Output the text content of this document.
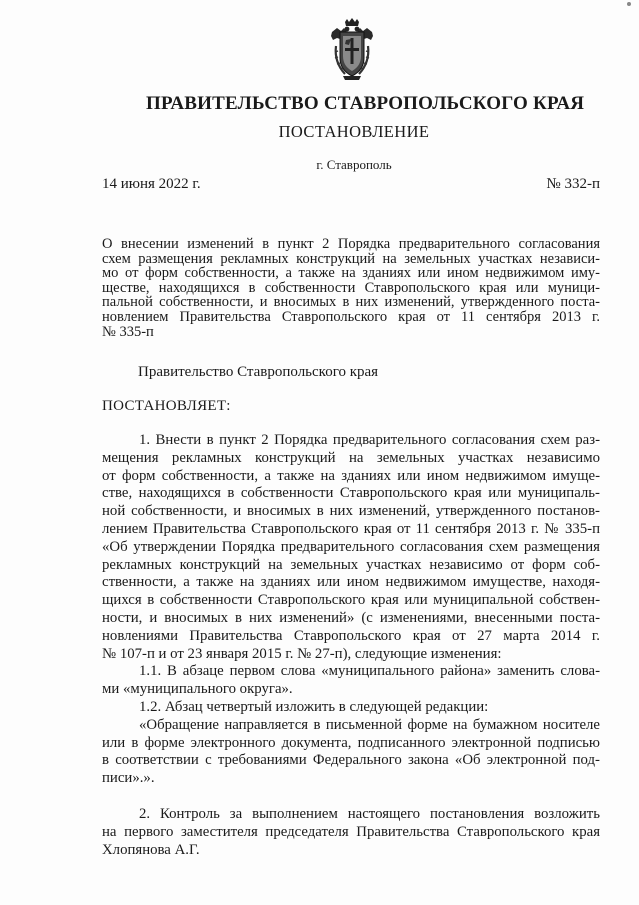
ПРАВИТЕЛЬСТВО СТАВРОПОЛЬСКОГО КРАЯ
ПОСТАНОВЛЕНИЕ
г. Ставрополь
14 июня 2022 г.	№ 332-п
О внесении изменений в пункт 2 Порядка предварительного согласования
схем размещения рекламных конструкций на земельных участках независи-
мо от форм собственности, а также на зданиях или ином недвижимом иму-
ществе, находящихся в собственности Ставропольского края или муници-
пальной собственности, и вносимых в них изменений, утвержденного поста-
новлением Правительства Ставропольского края от 11 сентября 2013 г.
№ 335-п
Правительство Ставропольского края
ПОСТАНОВЛЯЕТ:
1. Внести в пункт 2 Порядка предварительного согласования схем раз-
мещения рекламных конструкций на земельных участках независимо
от форм собственности, а также на зданиях или ином недвижимом имуще-
стве, находящихся в собственности Ставропольского края или муниципаль-
ной собственности, и вносимых в них изменений, утвержденного постанов-
лением Правительства Ставропольского края от 11 сентября 2013 г. № 335-п
«Об утверждении Порядка предварительного согласования схем размещения
рекламных конструкций на земельных участках независимо от форм соб-
ственности, а также на зданиях или ином недвижимом имуществе, находя-
щихся в собственности Ставропольского края или муниципальной собствен-
ности, и вносимых в них изменений» (с изменениями, внесенными поста-
новлениями Правительства Ставропольского края от 27 марта 2014 г.
№ 107-п и от 23 января 2015 г. № 27-п), следующие изменения:
1.1. В абзаце первом слова «муниципального района» заменить слова-
ми «муниципального округа».
1.2. Абзац четвертый изложить в следующей редакции:
«Обращение направляется в письменной форме на бумажном носителе
или в форме электронного документа, подписанного электронной подписью
в соответствии с требованиями Федерального закона «Об электронной под-
писи».».
2. Контроль за выполнением настоящего постановления возложить
на первого заместителя председателя Правительства Ставропольского края
Хлопянова А.Г.
